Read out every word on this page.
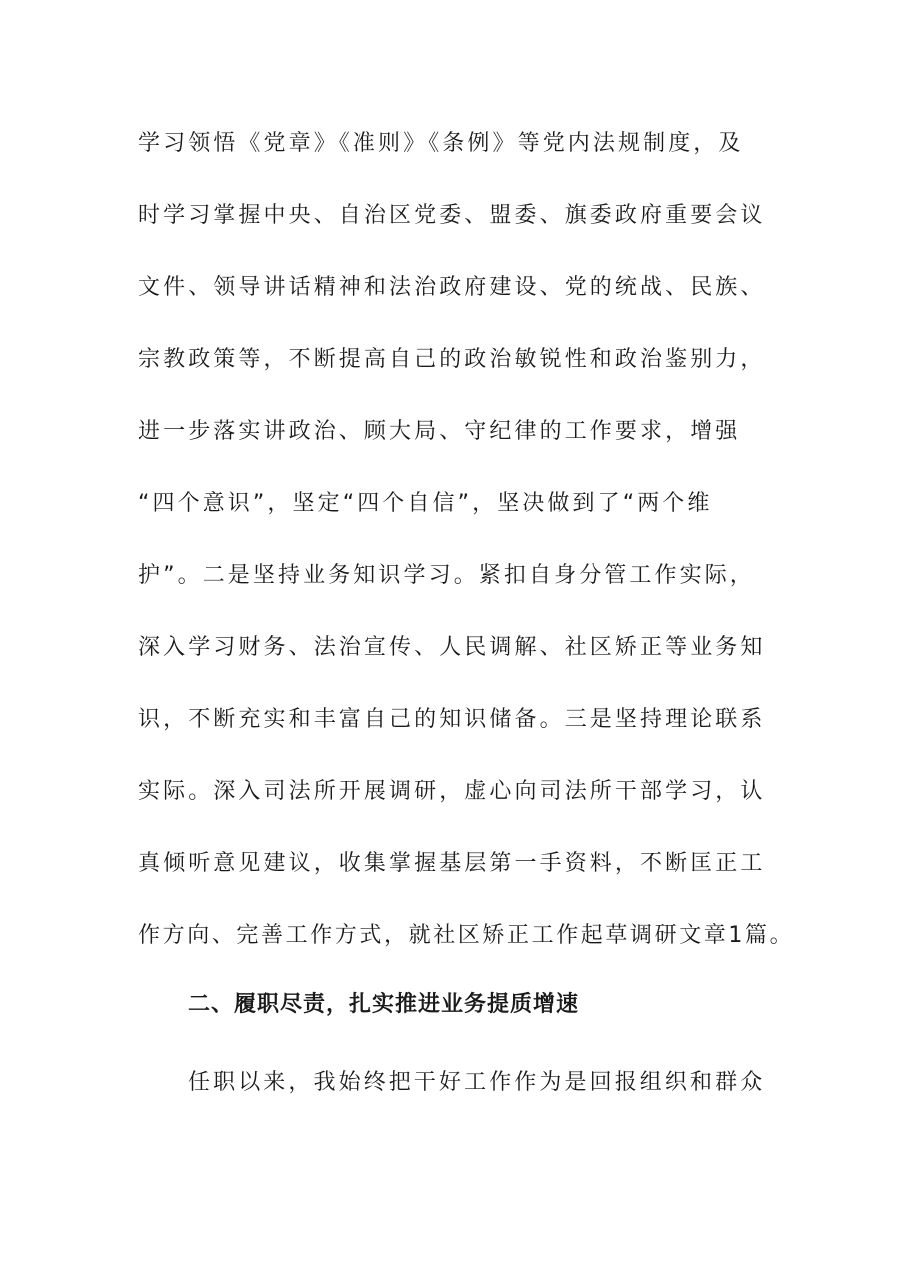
学习领悟《党章》《准则》《条例》等党内法规制度，及
时学习掌握中央、自治区党委、盟委、旗委政府重要会议
文件、领导讲话精神和法治政府建设、党的统战、民族、
宗教政策等，不断提高自己的政治敏锐性和政治鉴别力，
进一步落实讲政治、顾大局、守纪律的工作要求，增强
“四个意识”，坚定“四个自信”，坚决做到了“两个维
护”。二是坚持业务知识学习。紧扣自身分管工作实际，
深入学习财务、法治宣传、人民调解、社区矫正等业务知
识，不断充实和丰富自己的知识储备。三是坚持理论联系
实际。深入司法所开展调研，虚心向司法所干部学习，认
真倾听意见建议，收集掌握基层第一手资料，不断匡正工
作方向、完善工作方式，就社区矫正工作起草调研文章1篇。
二、履职尽责，扎实推进业务提质增速
任职以来，我始终把干好工作作为是回报组织和群众
